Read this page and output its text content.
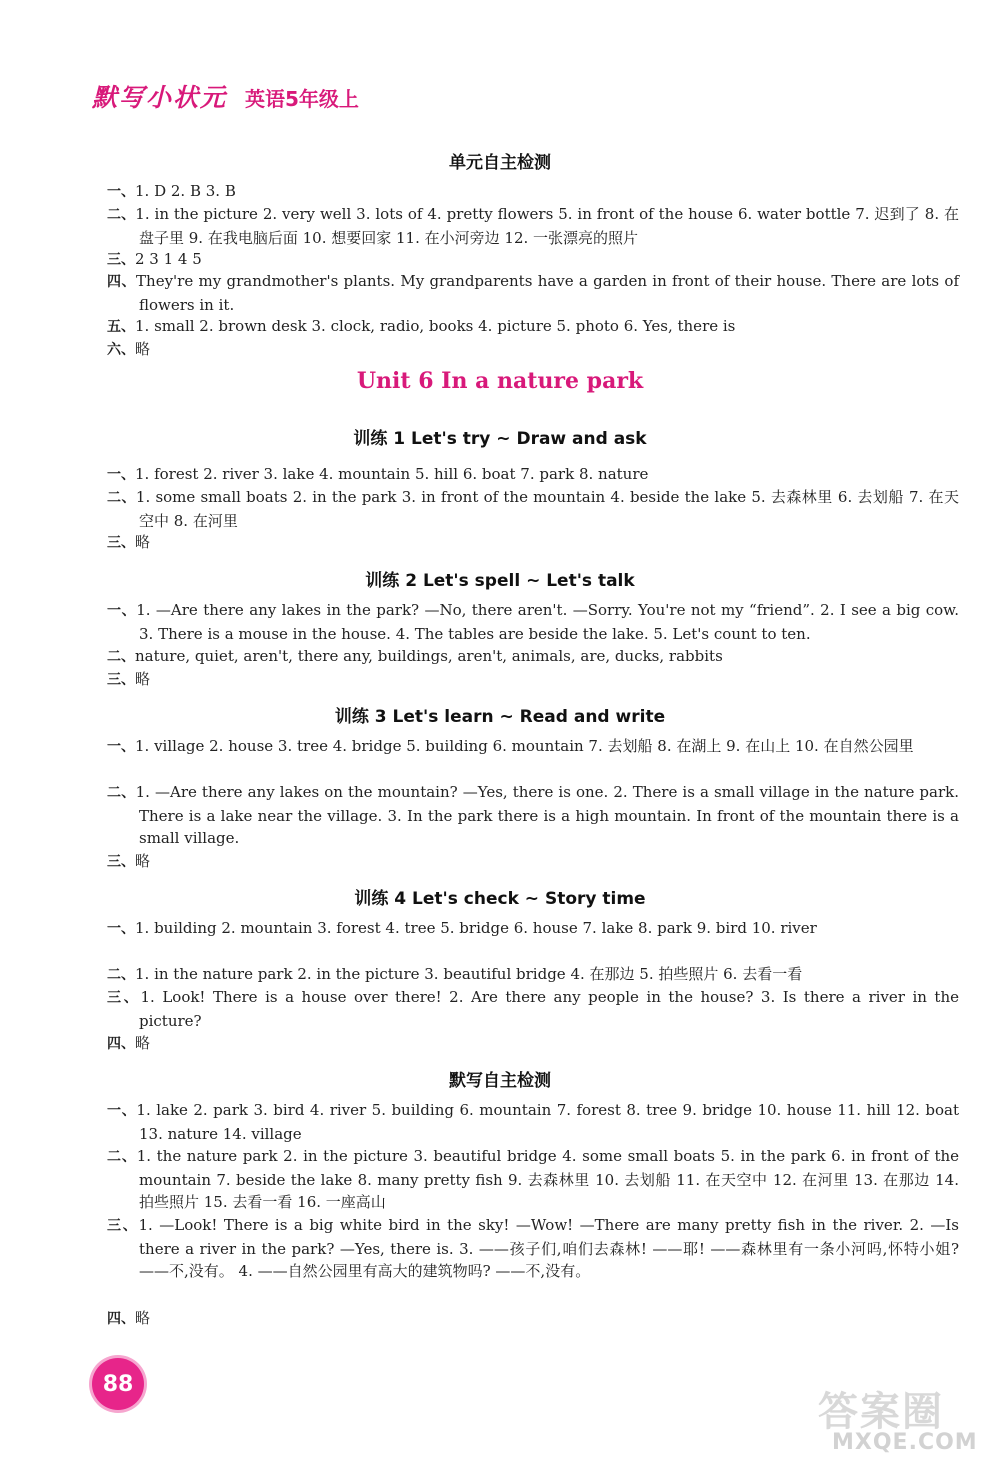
默写小状元 英语5年级上
单元自主检测
一、1. D 2. B 3. B
二、1. in the picture 2. very well 3. lots of 4. pretty flowers 5. in front of the house 6. water bottle 7. 迟到了 8. 在盘子里 9. 在我电脑后面 10. 想要回家 11. 在小河旁边 12. 一张漂亮的照片
三、2 3 1 4 5
四、They're my grandmother's plants. My grandparents have a garden in front of their house. There are lots of flowers in it.
五、1. small 2. brown desk 3. clock, radio, books 4. picture 5. photo 6. Yes, there is
六、略
Unit 6 In a nature park
训练 1 Let's try ~ Draw and ask
一、1. forest 2. river 3. lake 4. mountain 5. hill 6. boat 7. park 8. nature
二、1. some small boats 2. in the park 3. in front of the mountain 4. beside the lake 5. 去森林里 6. 去划船 7. 在天空中 8. 在河里
三、略
训练 2 Let's spell ~ Let's talk
一、1. —Are there any lakes in the park? —No, there aren't. —Sorry. You're not my “friend”. 2. I see a big cow. 3. There is a mouse in the house. 4. The tables are beside the lake. 5. Let's count to ten.
二、nature, quiet, aren't, there any, buildings, aren't, animals, are, ducks, rabbits
三、略
训练 3 Let's learn ~ Read and write
一、1. village 2. house 3. tree 4. bridge 5. building 6. mountain 7. 去划船 8. 在湖上 9. 在山上 10. 在自然公园里
二、1. —Are there any lakes on the mountain? —Yes, there is one. 2. There is a small village in the nature park. There is a lake near the village. 3. In the park there is a high mountain. In front of the mountain there is a small village.
三、略
训练 4 Let's check ~ Story time
一、1. building 2. mountain 3. forest 4. tree 5. bridge 6. house 7. lake 8. park 9. bird 10. river
二、1. in the nature park 2. in the picture 3. beautiful bridge 4. 在那边 5. 拍些照片 6. 去看一看
三、1. Look! There is a house over there! 2. Are there any people in the house? 3. Is there a river in the picture?
四、略
默写自主检测
一、1. lake 2. park 3. bird 4. river 5. building 6. mountain 7. forest 8. tree 9. bridge 10. house 11. hill 12. boat 13. nature 14. village
二、1. the nature park 2. in the picture 3. beautiful bridge 4. some small boats 5. in the park 6. in front of the mountain 7. beside the lake 8. many pretty fish 9. 去森林里 10. 去划船 11. 在天空中 12. 在河里 13. 在那边 14. 拍些照片 15. 去看一看 16. 一座高山
三、1. —Look! There is a big white bird in the sky! —Wow! —There are many pretty fish in the river. 2. —Is there a river in the park? —Yes, there is. 3. ——孩子们,咱们去森林! ——耶! ——森林里有一条小河吗,怀特小姐? ——不,没有。 4. ——自然公园里有高大的建筑物吗? ——不,没有。
四、略
88
答案圈
MXQE.COM
